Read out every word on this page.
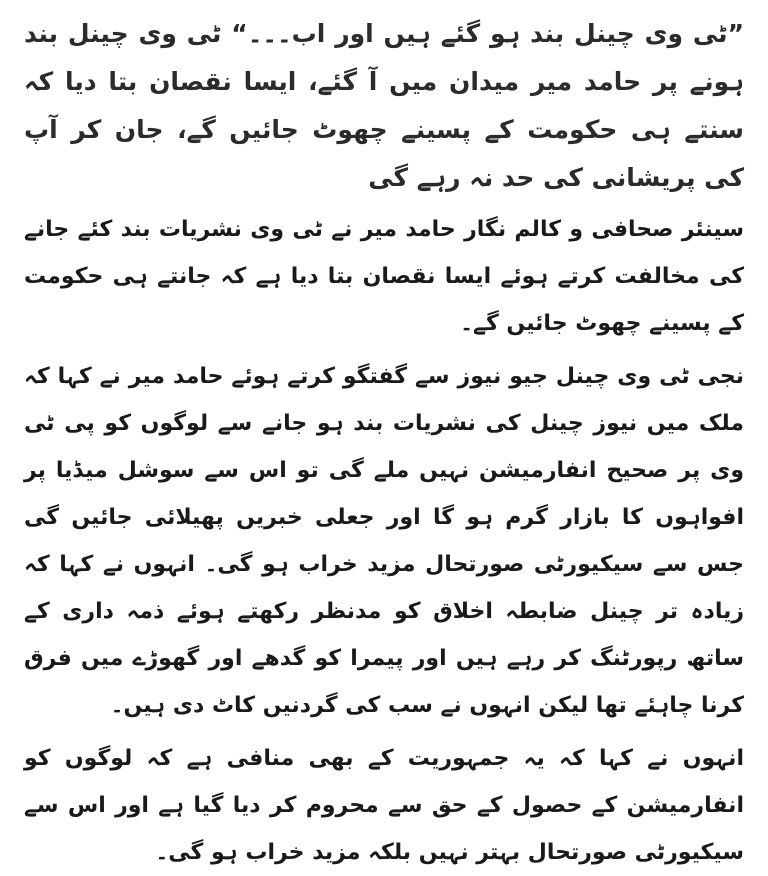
”ٹی وی چینل بند ہو گئے ہیں اور اب۔۔۔“ ٹی وی چینل بند ہونے پر حامد میر میدان میں آ گئے، ایسا نقصان بتا دیا کہ سنتے ہی حکومت کے پسینے چھوٹ جائیں گے، جان کر آپ کی پریشانی کی حد نہ رہے گی

سینئر صحافی و کالم نگار حامد میر نے ٹی وی نشریات بند کئے جانے کی مخالفت کرتے ہوئے ایسا نقصان بتا دیا ہے کہ جانتے ہی حکومت کے پسینے چھوٹ جائیں گے۔

نجی ٹی وی چینل جیو نیوز سے گفتگو کرتے ہوئے حامد میر نے کہا کہ ملک میں نیوز چینل کی نشریات بند ہو جانے سے لوگوں کو پی ٹی وی پر صحیح انفارمیشن نہیں ملے گی تو اس سے سوشل میڈیا پر افواہوں کا بازار گرم ہو گا اور جعلی خبریں پھیلائی جائیں گی جس سے سیکیورٹی صورتحال مزید خراب ہو گی۔ انہوں نے کہا کہ زیادہ تر چینل ضابطہ اخلاق کو مدنظر رکھتے ہوئے ذمہ داری کے ساتھ رپورٹنگ کر رہے ہیں اور پیمرا کو گدھے اور گھوڑے میں فرق کرنا چاہئے تھا لیکن انہوں نے سب کی گردنیں کاٹ دی ہیں۔

انہوں نے کہا کہ یہ جمہوریت کے بھی منافی ہے کہ لوگوں کو انفارمیشن کے حصول کے حق سے محروم کر دیا گیا ہے اور اس سے سیکیورٹی صورتحال بہتر نہیں بلکہ مزید خراب ہو گی۔
